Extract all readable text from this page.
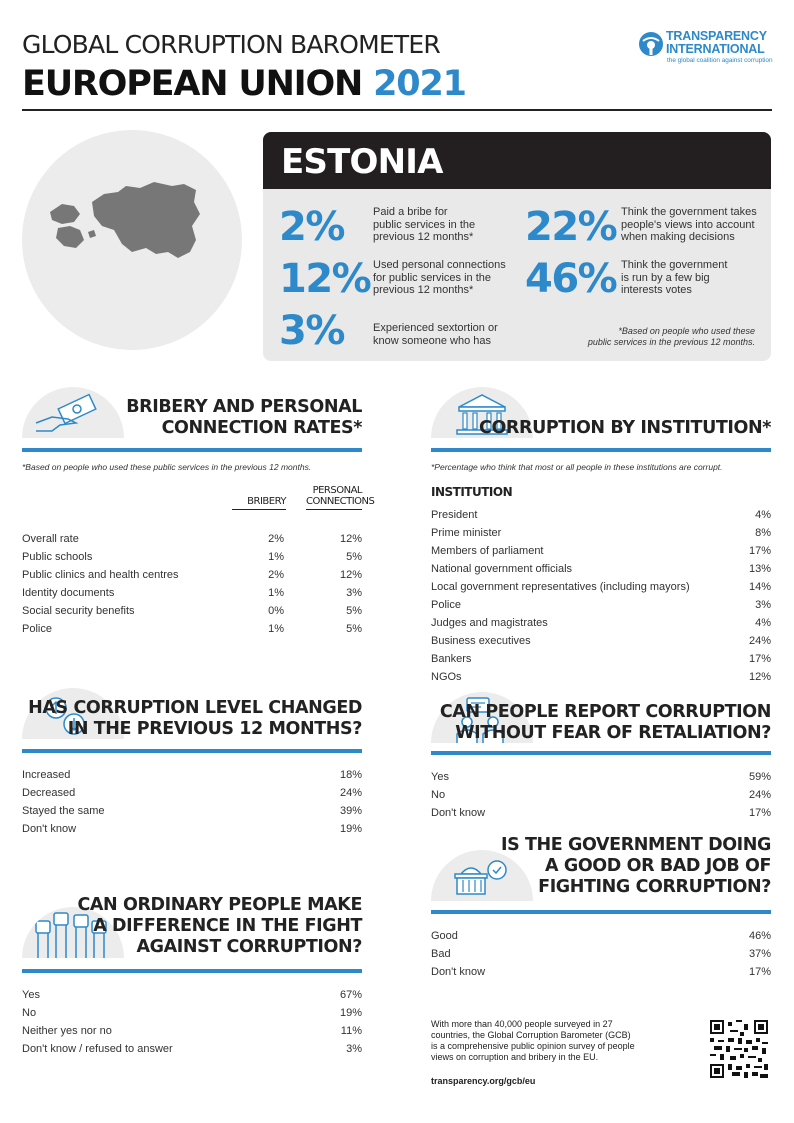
GLOBAL CORRUPTION BAROMETER
EUROPEAN UNION 2021
TRANSPARENCY
INTERNATIONAL
the global coalition against corruption
ESTONIA
2%	Paid a bribe for
public services in the
previous 12 months*
12% Used personal connections
for public services in the
previous 12 months*
3%	Experienced sextortion or
know someone who has
22% Think the government takes
people's views into account
when making decisions
46% Think the government
is run by a few big
interests votes
*Based on people who used these
public services in the previous 12 months.
BRIBERY AND PERSONAL
CONNECTION RATES*
*Based on people who used these public services in the previous 12 months.
BRIBERY
PERSONAL
CONNECTIONS
Overall rate	2%	12%
Public schools	1%	5%
Public clinics and health centres	2%	12%
Identity documents	1%	3%
Social security benefits	0%	5%
Police	1%	5%
CORRUPTION BY INSTITUTION*
*Percentage who think that most or all people in these institutions are corrupt.
INSTITUTION
President	4%
Prime minister	8%
Members of parliament	17%
National government officials	13%
Local government representatives (including mayors)	14%
Police	3%
Judges and magistrates	4%
Business executives	24%
Bankers	17%
NGOs	12%
HAS CORRUPTION LEVEL CHANGED
IN THE PREVIOUS 12 MONTHS?
Increased	18%
Decreased	24%
Stayed the same	39%
Don't know	19%
CAN PEOPLE REPORT CORRUPTION
WITHOUT FEAR OF RETALIATION?
Yes	59%
No	24%
Don't know	17%
IS THE GOVERNMENT DOING
A GOOD OR BAD JOB OF
FIGHTING CORRUPTION?
Good	46%
Bad	37%
Don't know	17%
CAN ORDINARY PEOPLE MAKE
A DIFFERENCE IN THE FIGHT
AGAINST CORRUPTION?
Yes	67%
No	19%
Neither yes nor no	11%
Don't know / refused to answer	3%
With more than 40,000 people surveyed in 27
countries, the Global Corruption Barometer (GCB)
is a comprehensive public opinion survey of people
views on corruption and bribery in the EU.
transparency.org/gcb/eu
